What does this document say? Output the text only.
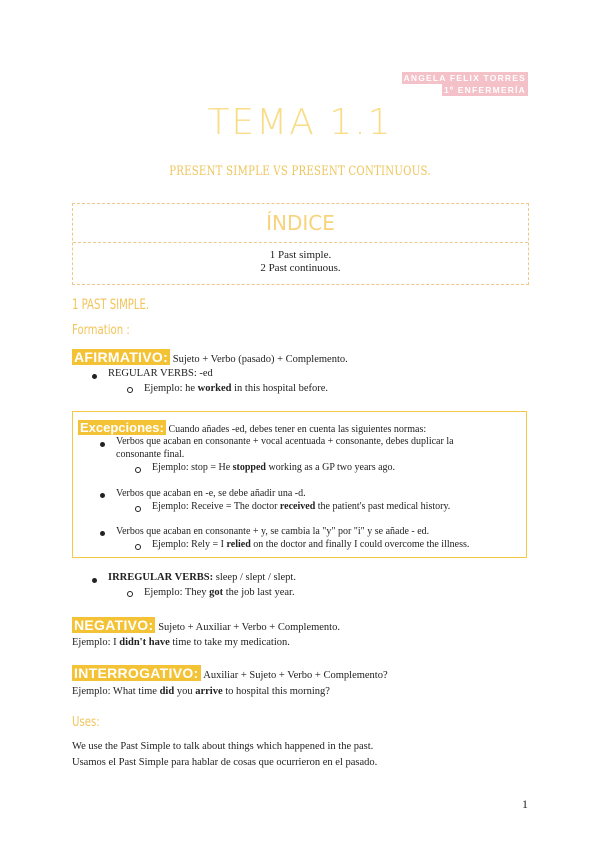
ANGELA FELIX TORRES
1º ENFERMERÍA
TEMA 1.1
PRESENT SIMPLE VS PRESENT CONTINUOUS.
ÍNDICE
1 Past simple.
2 Past continuous.
1 PAST SIMPLE.
Formation :
AFIRMATIVO: Sujeto + Verbo (pasado) + Complemento.
REGULAR VERBS: -ed
Ejemplo: he worked in this hospital before.
Excepciones: Cuando añades -ed, debes tener en cuenta las siguientes normas:
Verbos que acaban en consonante + vocal acentuada + consonante, debes duplicar la
consonante final.
Ejemplo: stop = He stopped working as a GP two years ago.
Verbos que acaban en -e, se debe añadir una -d.
Ejemplo: Receive = The doctor received the patient's past medical history.
Verbos que acaban en consonante + y, se cambia la "y" por "i" y se añade - ed.
Ejemplo: Rely = I relied on the doctor and finally I could overcome the illness.
IRREGULAR VERBS: sleep / slept / slept.
Ejemplo: They got the job last year.
NEGATIVO: Sujeto + Auxiliar + Verbo + Complemento.
Ejemplo: I didn't have time to take my medication.
INTERROGATIVO: Auxiliar + Sujeto + Verbo + Complemento?
Ejemplo: What time did you arrive to hospital this morning?
Uses:
We use the Past Simple to talk about things which happened in the past.
Usamos el Past Simple para hablar de cosas que ocurrieron en el pasado.
1
